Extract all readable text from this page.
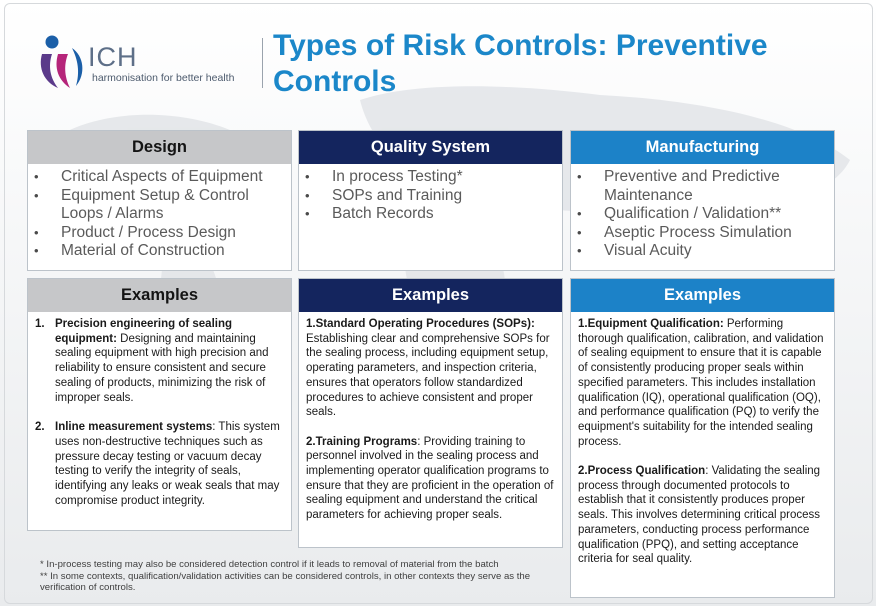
ICH
harmonisation for better health
Types of Risk Controls: Preventive Controls
Design
• Critical Aspects of Equipment
• Equipment Setup & Control Loops / Alarms
• Product / Process Design
• Material of Construction
Examples
1. Precision engineering of sealing equipment: Designing and maintaining sealing equipment with high precision and reliability to ensure consistent and secure sealing of products, minimizing the risk of improper seals.
2. Inline measurement systems: This system uses non-destructive techniques such as pressure decay testing or vacuum decay testing to verify the integrity of seals, identifying any leaks or weak seals that may compromise product integrity.
Quality System
• In process Testing*
• SOPs and Training
• Batch Records
Examples
1.Standard Operating Procedures (SOPs): Establishing clear and comprehensive SOPs for the sealing process, including equipment setup, operating parameters, and inspection criteria, ensures that operators follow standardized procedures to achieve consistent and proper seals.
2.Training Programs: Providing training to personnel involved in the sealing process and implementing operator qualification programs to ensure that they are proficient in the operation of sealing equipment and understand the critical parameters for achieving proper seals.
Manufacturing
• Preventive and Predictive Maintenance
• Qualification / Validation**
• Aseptic Process Simulation
• Visual Acuity
Examples
1.Equipment Qualification: Performing thorough qualification, calibration, and validation of sealing equipment to ensure that it is capable of consistently producing proper seals within specified parameters. This includes installation qualification (IQ), operational qualification (OQ), and performance qualification (PQ) to verify the equipment's suitability for the intended sealing process.
2.Process Qualification: Validating the sealing process through documented protocols to establish that it consistently produces proper seals. This involves determining critical process parameters, conducting process performance qualification (PPQ), and setting acceptance criteria for seal quality.
* In-process testing may also be considered detection control if it leads to removal of material from the batch
** In some contexts, qualification/validation activities can be considered controls, in other contexts they serve as the verification of controls.
